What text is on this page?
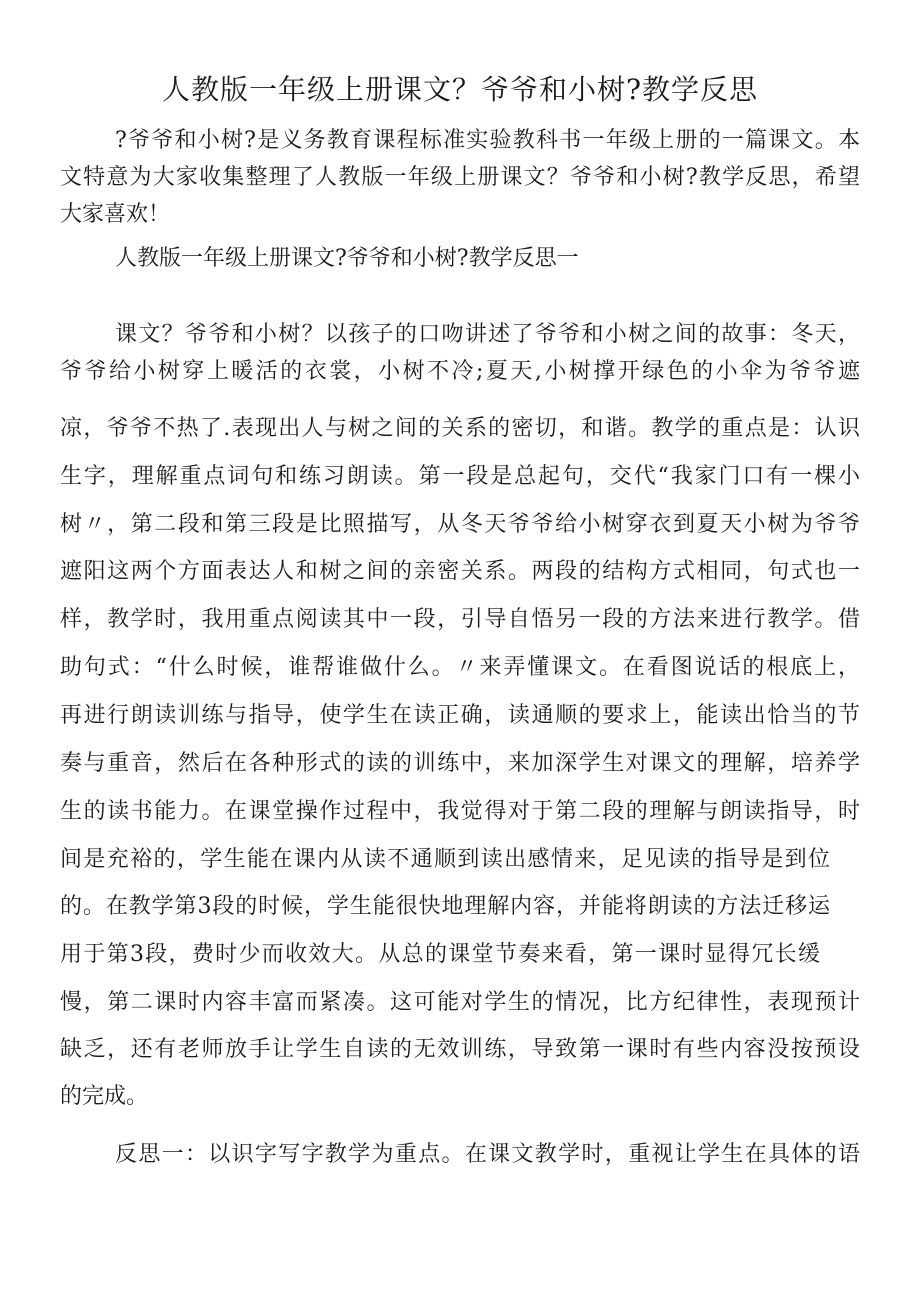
人教版一年级上册课文？爷爷和小树?教学反思
?爷爷和小树?是义务教育课程标准实验教科书一年级上册的一篇课文。本
文特意为大家收集整理了人教版一年级上册课文？爷爷和小树?教学反思，希望
大家喜欢！
人教版一年级上册课文?爷爷和小树?教学反思一
课文？爷爷和小树？以孩子的口吻讲述了爷爷和小树之间的故事：冬天，
爷爷给小树穿上暖活的衣裳，小树不冷;夏天,小树撑开绿色的小伞为爷爷遮
凉，爷爷不热了.表现出人与树之间的关系的密切，和谐。教学的重点是：认识
生字，理解重点词句和练习朗读。第一段是总起句，交代“我家门口有一棵小
树〃，第二段和第三段是比照描写，从冬天爷爷给小树穿衣到夏天小树为爷爷
遮阳这两个方面表达人和树之间的亲密关系。两段的结构方式相同，句式也一
样，教学时，我用重点阅读其中一段，引导自悟另一段的方法来进行教学。借
助句式：“什么时候，谁帮谁做什么。〃来弄懂课文。在看图说话的根底上，
再进行朗读训练与指导，使学生在读正确，读通顺的要求上，能读出恰当的节
奏与重音，然后在各种形式的读的训练中，来加深学生对课文的理解，培养学
生的读书能力。在课堂操作过程中，我觉得对于第二段的理解与朗读指导，时
间是充裕的，学生能在课内从读不通顺到读出感情来，足见读的指导是到位
的。在教学第3段的时候，学生能很快地理解内容，并能将朗读的方法迁移运
用于第3段，费时少而收效大。从总的课堂节奏来看，第一课时显得冗长缓
慢，第二课时内容丰富而紧凑。这可能对学生的情况，比方纪律性，表现预计
缺乏，还有老师放手让学生自读的无效训练，导致第一课时有些内容没按预设
的完成。
反思一：以识字写字教学为重点。在课文教学时，重视让学生在具体的语
